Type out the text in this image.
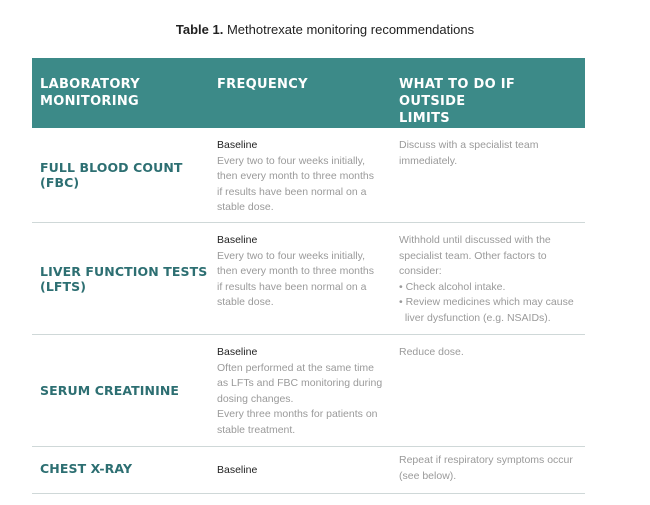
Table 1. Methotrexate monitoring recommendations
LABORATORY
MONITORING
FREQUENCY	WHAT TO DO IF OUTSIDE
LIMITS
FULL BLOOD COUNT (FBC)
Baseline
Every two to four weeks initially,
then every month to three months
if results have been normal on a
stable dose.
Discuss with a specialist team
immediately.
LIVER FUNCTION TESTS (LFTS)
Baseline
Every two to four weeks initially,
then every month to three months
if results have been normal on a
stable dose.
Withhold until discussed with the
specialist team. Other factors to
consider:
• Check alcohol intake.
• Review medicines which may cause
liver dysfunction (e.g. NSAIDs).
SERUM CREATININE
Baseline
Often performed at the same time
as LFTs and FBC monitoring during
dosing changes.
Every three months for patients on
stable treatment.
Reduce dose.
CHEST X-RAY	Baseline
Repeat if respiratory symptoms occur
(see below).
